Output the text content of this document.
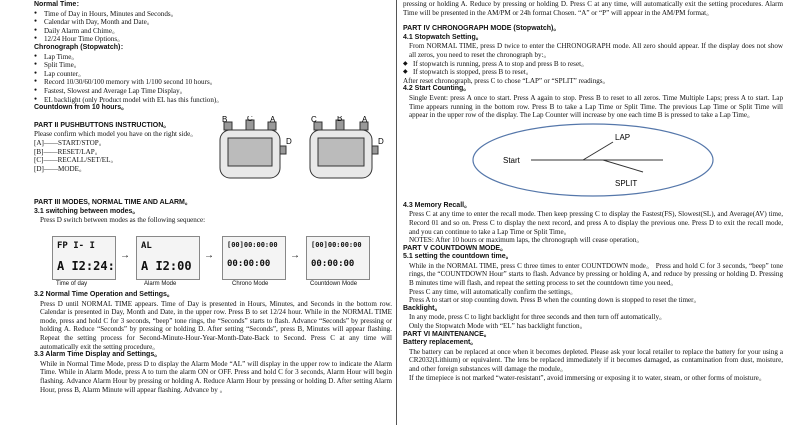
Normal Time：

● Time of Day in Hours, Minutes and Seconds。
● Calendar with Day, Month and Date。
● Daily Alarm and Chime。
● 12/24 Hour Time Options。

Chronograph (Stopwatch)：

● Lap Time。
● Split Time。
● Lap counter。
● Record 10/30/60/100 memory with 1/100 second 10 hours。
● Fastest, Slowest and Average Lap Time Display。
● EL backlight (only Product model with EL has this function)。

Countdown from 10 hours。

PART II PUSHBUTTONS INSTRUCTION。

Please confirm which model you have on the right side。

[A]——START/STOP。

[B]——RESET/LAP。

[C]——RECALL/SET/EL。

[D]——MODE。

PART III MODES, NORMAL TIME AND ALARM。

3.1 switching between modes。

Press D switch between modes as the following sequence:

3.2 Normal Time Operation and Settings。

Press D until NORMAL TIME appears. Time of Day is presented in Hours, Minutes, and Seconds in the bottom row. Calendar is presented in Day, Month and Date, in the upper row. Press B to set 12/24 hour. While in the NORMAL TIME mode, press and hold C for 3 seconds, “beep” tone rings, the “Seconds” starts to flash. Advance “Seconds” by pressing or holding A. Reduce “Seconds” by pressing or holding D. After setting “Seconds”, press B, Minutes will appear flashing. Repeat the setting process for Second-Minute-Hour-Year-Month-Date-Back to Second. Press C at any time will automatically exit the setting procedure。

3.3 Alarm Time Display and Settings。

While in Normal Time Mode, press D to display the Alarm Mode “AL” will display in the upper row to indicate the Alarm Time. While in Alarm Mode, press A to turn the alarm ON or OFF. Press and hold C for 3 seconds, Alarm Hour will begin flashing. Advance Alarm Hour by pressing or holding A. Reduce Alarm Hour by pressing or holding D. After setting Alarm Hour, press B, Alarm Minute will appear flashing. Advance by 。

B C A
D
C	B A
D
FP I- I
A I2:24:
→
AL
A I2:00
→
[00]00:00:00
00:00:00
→
[00]00:00:00
00:00:00
Time of day	Alarm Mode	Chrono Mode	Countdown Mode

pressing or holding A. Reduce by pressing or holding D. Press C at any time, will automatically exit the setting procedures. Alarm Time will be presented in the AM/PM or 24h format Chosen. “A” or “P” will appear in the AM/PM format。

PART IV CHRONOGRAPH MODE (Stopwatch)。

4.1 Stopwatch Setting。

From NORMAL TIME, press D twice to enter the CHRONOGRAPH mode. All zero should appear. If the display does not show all zeros, you need to reset the chronograph by:。

◆ If stopwatch is running, press A to stop and press B to reset。
◆ If stopwatch is stopped, press B to reset。

After reset chronograph, press C to chose “LAP” or “SPLIT” readings。

4.2 Start Counting。

Single Event: press A once to start. Press A again to stop. Press B to reset to all zeros. Time Multiple Laps; press A to start. Lap Time appears running in the bottom row. Press B to take a Lap Time or Split Time. The previous Lap Time or Split Time will appear in the upper row of the display. The Lap Counter will increase by one each time B is pressed to take a Lap Time。

Start
LAP
SPLIT

4.3 Memory Recall。

Press C at any time to enter the recall mode. Then keep pressing C to display the Fastest(FS), Slowest(SL), and Average(AV) time, Record 01 and so on. Press C to display the next record, and press A to display the previous one. Press D to exit the recall mode, and you can continue to take a Lap Time or Split Time。

NOTES: After 10 hours or maximum laps, the chronograph will cease operation。

PART V COUNTDOWN MODE。

5.1 setting the countdown time。

While in the NORMAL TIME, press C three times to enter COUNTDOWN mode。 Press and hold C for 3 seconds, “beep” tone rings, the “COUNTDOWN Hour” starts to flash. Advance by pressing or holding A, and reduce by pressing or holding D. Pressing B minutes time will flash, and repeat the setting process to set the countdown time you need。

Press C any time, will automatically confirm the settings。

Press A to start or stop counting down. Press B when the counting down is stopped to reset the timer。

Backlight。

In any mode, press C to light backlight for three seconds and then turn off automatically。

Only the Stopwatch Mode with “EL” has backlight function。

PART VI MAINTENANCE。

Battery replacement。

The battery can be replaced at once when it becomes depleted. Please ask your local retailer to replace the battery for your using a CR2032(Lithium) or equivalent. The lens be replaced immediately if it becomes damaged, as contamination from dust, moisture, and other foreign substances will damage the module。

If the timepiece is not marked “water-resistant”, avoid immersing or exposing it to water, steam, or other forms of moisture。
